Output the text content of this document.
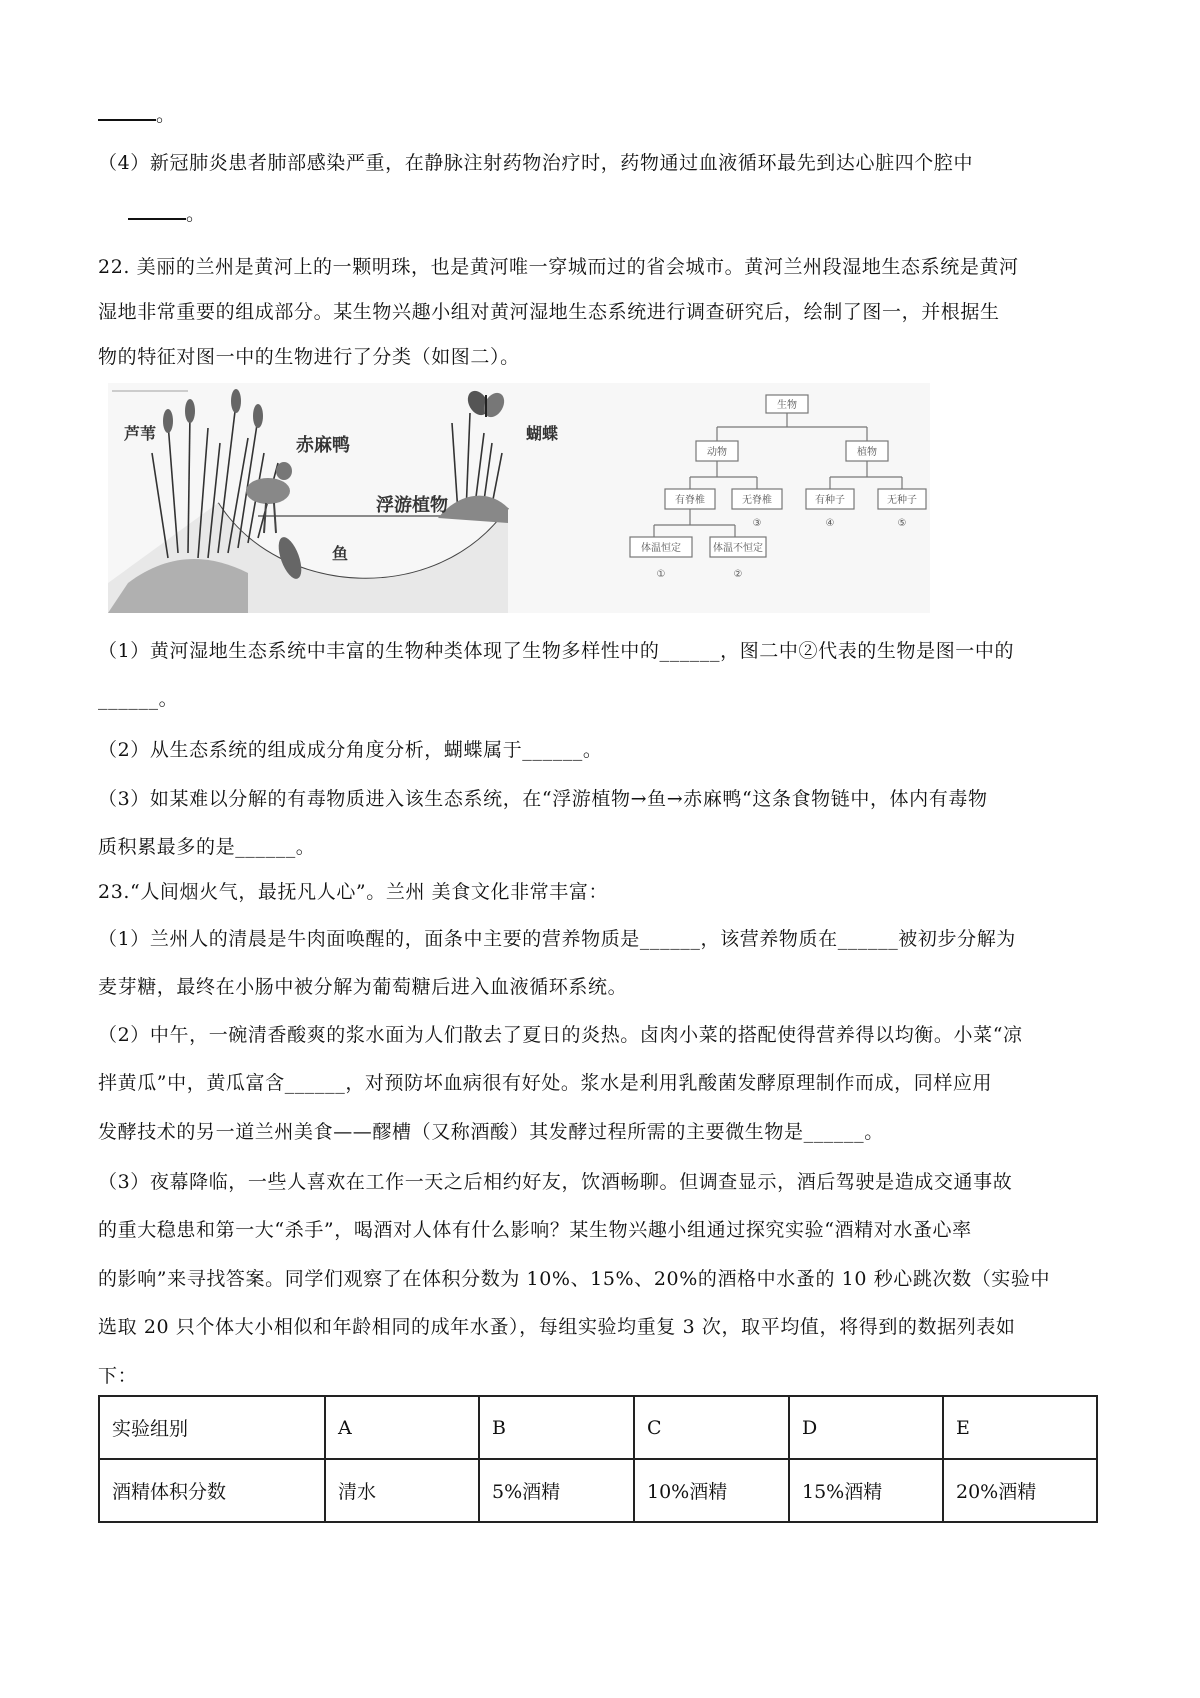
。
（4）新冠肺炎患者肺部感染严重，在静脉注射药物治疗时，药物通过血液循环最先到达心脏四个腔中
。
22. 美丽的兰州是黄河上的一颗明珠，也是黄河唯一穿城而过的省会城市。黄河兰州段湿地生态系统是黄河
湿地非常重要的组成部分。某生物兴趣小组对黄河湿地生态系统进行调查研究后，绘制了图一，并根据生
物的特征对图一中的生物进行了分类（如图二）。
芦苇
赤麻鸭
浮游植物
蝴蝶
鱼
生物
动物	植物
有脊椎	无脊椎	有种子	无种子
体温恒定	体温不恒定
③	④	⑤
①	②
（1）黄河湿地生态系统中丰富的生物种类体现了生物多样性中的______，图二中②代表的生物是图一中的
______。
（2）从生态系统的组成成分角度分析，蝴蝶属于______。
（3）如某难以分解的有毒物质进入该生态系统，在“浮游植物→鱼→赤麻鸭“这条食物链中，体内有毒物
质积累最多的是______。
23.“人间烟火气，最抚凡人心”。兰州 美食文化非常丰富：
（1）兰州人的清晨是牛肉面唤醒的，面条中主要的营养物质是______，该营养物质在______被初步分解为
麦芽糖，最终在小肠中被分解为葡萄糖后进入血液循环系统。
（2）中午，一碗清香酸爽的浆水面为人们散去了夏日的炎热。卤肉小菜的搭配使得营养得以均衡。小菜“凉
拌黄瓜”中，黄瓜富含______，对预防坏血病很有好处。浆水是利用乳酸菌发酵原理制作而成，同样应用
发酵技术的另一道兰州美食——醪槽（又称酒酸）其发酵过程所需的主要微生物是______。
（3）夜幕降临，一些人喜欢在工作一天之后相约好友，饮酒畅聊。但调查显示，酒后驾驶是造成交通事故
的重大稳患和第一大“杀手”，喝酒对人体有什么影响？某生物兴趣小组通过探究实验“酒精对水蚤心率
的影响”来寻找答案。同学们观察了在体积分数为 10%、15%、20%的酒格中水蚤的 10 秒心跳次数（实验中
选取 20 只个体大小相似和年龄相同的成年水蚤），每组实验均重复 3 次，取平均值，将得到的数据列表如
下：
实验组别	A	B	C	D	E
酒精体积分数	清水	5%酒精	10%酒精	15%酒精	20%酒精
